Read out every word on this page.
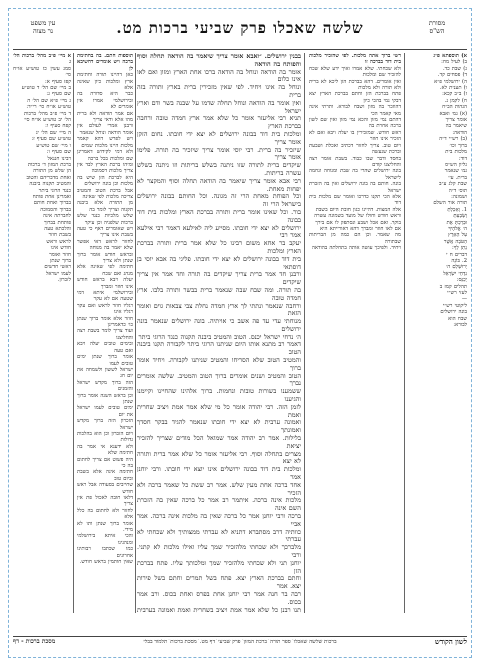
שלשה שאכלו פרק שביעי ברכות מט.
עין משפט
נר מצוה
מסורת
הש"ס

א) תוספתא פ״ג

ב) לעיל מח:

ג) שבת כד.

ד) פסחים קד.

ה) ירושלמי פ״א

ו) תענית לא.

ז) ב״ב קכא:

ח) לקמן נ.

הגהות הב״ח

(א) גמ׳ ואבא

אומר צריך

שיאמר בה

הודאה:

(ב) רש״י ד״ה

ברוך וכו׳

מלכות בית

דוד:

גליון הש״ס

גמ׳ שנאמר

ברית. עי׳

שבת קלג ע״ב

תוס׳ ד״ה

ושמונה:

תורה אור השלם

1. וְאָכַלְתָּ

וְשָׂבָעְתָּ

וּבֵרַכְתָּ אֶת

ה׳ אֱלֹהֶיךָ

עַל הָאָרֶץ

הַטֹּבָה אֲשֶׁר

נָתַן לָךְ:

דברים ח י

2. בּוֹנֵה

יְרוּשָׁלַםִ ה׳

נִדְחֵי יִשְׂרָאֵל

יְכַנֵּס:

תהלים קמז ב

לעזי רש״י

—

ליקוטי רש״י

בונה ירושלים

שבח הוא

לבורא:

רשי ברוך אתה מלכות. לפי שהזכיר מלכות בית דוד בברכה זו

ולא שכחתי. שלא אמרו ואיך ידע שלא שכח להזכיר שם ומלכות

ואין אומרים. דהא בברכת הזן ליכא לא ברית ולא תורה ולא מלכות

פתח בברכת הזן וחתם בברכת הארץ יצא דבקי נמי בהכי כיון

דהוזכר בה מזון ושבח לבורא. ותרתי אינה מאי קאמר הכי

דהתם נמי מזון והכא נמי מזון ואין שם לשון ברכה אחרת בה

ראש חודש. שמזכירין בו יעלה ויבא ואם לא הזכיר אינו חוזר

ויום טוב. צריך לחזור דכתיב ואכלת ושבעת וברכת שנעשה

בחסד ודבר שבו כבוד. בשבת אומר רצה והחליצנו קודם

בונה ירושלים שהרי בה שבת ומנוחה ונחמה לישראל

בונה. חותם בה בונה ירושלים ואין בה הזכרת ישראל

אלא הכי תקנו כדרכו ואומר שם מלכות בית דוד

אלה המצות. דהיינו כגון חובת היום בשבת

וראש חודש וחולו של מועד בשמונה עשרה

בוקר. ואם אכל ושבע ונסתפק לו אם בירך

אם לאו חוזר ומברך דהא דאורייתא היא

מה שאמר. וכן הם כמה מן הבריתות שבתורה

ויחיד. ולפיכך עושה אותה בתחלתה בהודאה

בבנין ירושלים. ״ואבא אומר צריך שיאמר בה הודאה תחלה וסוף והפותח בה הודאה

אומר בה הודאה ונוחל בה הודאה ברכו אחת הארץ ומזון ואם לאו אינו כלום

ונוחל בה אינו ויחיד. לפי שאין מזכירין ברית בארץ ותורה בזה ברית

ואין אומר בה הודאה ונוחל תחלה שדמו על שבנה בשר ודם וארץ ישראל

תניא רבי אליעזר אומר כל שלא אמר ארץ חמדה טובה ורחבה בברכת הארץ

ומלכות בית דוד בבונה ירושלים לא יצא ידי חובתו. נחום הזקן אומר צריך

שיזכיר בה ברית. רבי יוסי אומר צריך שיזכיר בה תורה. פלימו אומר צריך

שיקדים ברית לתורה שזו ניתנה בשלש בריתות וזו ניתנה בשלש עשרה בריתות.

רבי אבא אומר צריך שיאמר בה הודאה תחלה וסוף והמקצר לא יפחות מאחת.

וכל הפוחת מאחת הרי זה מגונה. וכל החותם בבונה ירושלים בישראל הרי זה

בור. וכל שאינו אומר ברית ותורה בברכת הארץ ומלכות בית דוד בבונה

ירושלים לא יצא ידי חובתו. מסייע ליה לאילעא דאמר רבי אילעא אמר רבי

יעקב בר אחא משום רבינו כל שלא אמר ברית ותורה בברכת הארץ ומלכות

בית דוד בבונה ירושלים לא יצא ידי חובתו. פליגי בה אבא יוסי בן דוסתאי

ורבנן חד אמר ברית צריך שיקדים בה תורה וחד אמר אין צריך שיקדים

בה תורה. ומה שבח שבה שנאמר ברית בבשר ותורה בלבו. ארץ חמדה טובה

ורחבה שנאמר ונתתי לך ארץ חמדה נחלת צבי צבאות גוים ואומר הזאת

מנוחתי עדי עד פה אשב כי אויתיה. בונה ירושלים שנאמר בונה ירושלים

ה׳ נדחי ישראל יכנס. הטוב והמטיב ביבנה תקנוה כנגד הרוגי ביתר

דאמר רב מתנא אותו היום שניתנו הרוגי ביתר לקבורה תקנו ביבנה הטוב

והמטיב הטוב שלא הסריחו והמטיב שניתנו לקבורה. ויחיד אומר ברוך

הטוב והמטיב ושנים אומרים ברוך הטוב והמטיב. שלשה אומרים נברך

ששמענו בשורות טובות ונחמות. ברוך אלהינו שהחיינו וקיימנו והגיענו

לזמן הזה. רבי יהודה אומר כל מי שלא אמר אמת ויציב שחרית ואמת

ואמונה ערבית לא יצא ידי חובתו שנאמר להגיד בבקר חסדך ואמונתך

בלילות. אמר רב יהודה אמר שמואל הכל מודים שצריך להזכיר יציאת

מצרים בתחלה וסוף. רבי אליעזר אומר כל שלא אמר ברית ותורה לא יצא

ומלכות בית דוד בבונה ירושלים אינו יוצא ידי חובתו. ורבי יוחנן אמר

אחד ברכה אחת מעין שלש. אמר רב ששת כל שאמר ברכה ולא הזכיר

מלכות אינה ברכה. איתמר רב אמר כל ברכה שאין בה הזכרת השם אינה

ברכה ורבי יוחנן אמר כל ברכה שאין בה מלכות אינה ברכה. אמר אביי

כוותיה דרב מסתברא דתניא לא עברתי ממצותיך ולא שכחתי לא עברתי

מלברכך ולא שכחתי מלהזכיר שמך עליו ואילו מלכות לא קתני. ורבי

יוחנן תני ולא שכחתי מלהזכיר שמך ומלכותך עליו. פתח בברכת הזן

וחתם בברכת הארץ יצא. פתח בשל תמרים וחתם בשל פירות יצא. אמר

רבה בר חנה אמר רבי יוחנן אחת בפרס ואחת בכוס. ורב אמר בכוס.

תנו רבנן כל שלא אמר אמת ויציב בשחרית ואמת ואמונה בערבית

תוספות חתם. בה בחתימת ברכה ויש אומרים דחשיבא לן

כאן דהיינו תורה וחתימת ארץ ומלכות כיון שאינה אלא

כבר היא סדורה בה ובירושלמי אמרו אין אומרים לא

אם אמר הודאה ולא ברית מהו אלא ודאי צריך

ורבנן אמרי לעולם אין אומר הודאה ונוחל שנאמר

ויש לפרש דהא קאמר מלכות היינו מלכות שמים

ולא דמי לקידוש דאמרינן שם ומלכות בכל ברכה

ומיהו ברכת הארץ לבד אין צריך מלכות דסמוכה

היא לברכת הזן שיש בה מלכות וכן בונה ירושלים

אבל ברכת הטוב והמטיב צריכה מלכות לפי שאינה

מן התורה אלא ביבנה תקנוה וצריך לומר בה

שלש מלכיות כנגד שלש ברכות שלפניה וכן עיקר

ויש שאומרים דאף כי טעה בשבת אינו צריך

לחזור לראש דאי אפשר שלא יאמר בה מנוחה

ובראש חודש אומר ברוך שנתן ולא צריך

חתימה לפי שאינה אלא מנהג ואם שכח

יעלה ויבא בראש חודש אינו חוזר ומברך

ובירושלמי איתא דמי שטעה אם לא עקר

רגליו חוזר לראש ואם עקר רגליו אינו

חוזר אלא אומר ברוך שנתן כו׳ כדאמרינן

ועוד צריך לומר בשבת רצה והחליצנו

ובימים טובים יעלה ויבא ואם טעה

אומר ברוך שנתן ימים טובים לעמו

ישראל לששון ולשמחה את יום חג

הזה ברוך מקדש ישראל והזמנים

וכן בראש השנה אומר ברוך שנתן

ימים טובים לעמו ישראל את יום

הזכרון הזה ברוך מקדש ישראל

ויום הזכרון וכן הוא בהלכות גדולות

ולא ידענא אי אמר בה חתימה שלא

היה פשוט אם צריך לחתום בה כי

חתימה אינה אלא בשבת וביום טוב

שחייבים בסעודה אבל ראש חודש

דלאו חובה לאכול פת אין צריך

לחזור ולא לחתום בה כלל אלא

אומר ברוך שנתן ותו לא מידי.

והכי איתא בירושלמי ומנהגינו

כמו שכתבו רבותינו אחרונים

שאין חותמין בראש חודש.

א מיי׳ פ״ב מהל׳ ברכות הל׳ ג

סמג עשין כז טוש״ע או״ח סי׳

קפז סעיף א:

ב מיי׳ שם הל׳ ד טוש״ע

שם סעיף ג:

ג מיי׳ פ״א שם הל׳ ה

טוש״ע או״ח סי׳ רי״ד:

ד מיי׳ פ״ב מהל׳ ברכות

הל׳ יב טוש״ע או״ח סי׳

קפח סעיף ו:

ה מיי׳ שם הל׳ יג

טוש״ע שם סעיף ז:

ו מיי׳ שם טוש״ע

שם סעיף ו:

רבינו חננאל

ברכת המזון ד׳ ברכות

הן שלש מן התורה

ואחת מדבריהם והטוב

והמטיב תקנוה ביבנה

כנגד הרוגי ביתר

ואמרינן אחת פותח

בברוך ואחת חותם

בברוך והסמוכה

לחברתה אינה

פותחת בברוך

והלכתא טעה

בשבת חוזר

לראש וראש

חודש אינו

חוזר ואומר

ברוך שנתן

ראשי חדשים

לעמו ישראל

לזכרון.

לשון הקודש
ברכות שלשה שאכלו ֹ ספר תורה ֹ ברכת המזון ֹ פרק שביעי ֹ דף מט. ֹ מסכת ברכות ֹ תלמוד בבלי
מסכת ברכות - דף
